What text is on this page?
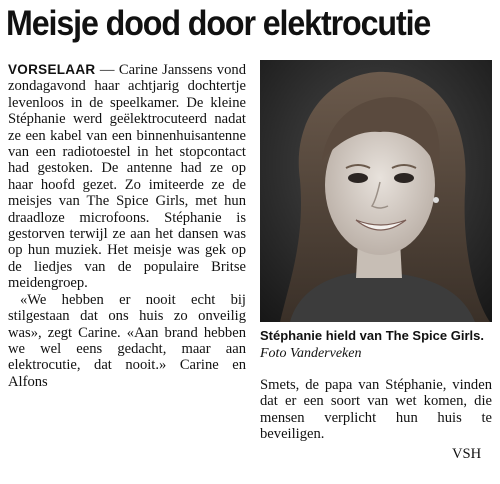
Meisje dood door elektrocutie

VORSELAAR — Carine Janssens vond zondagavond haar achtjarig dochtertje levenloos in de speelkamer. De kleine Stéphanie werd geëlektrocuteerd nadat ze een kabel van een binnenhuisantenne van een radiotoestel in het stopcontact had gestoken. De antenne had ze op haar hoofd gezet. Zo imiteerde ze de meisjes van The Spice Girls, met hun draadloze microfoons. Stéphanie is gestorven terwijl ze aan het dansen was op hun muziek. Het meisje was gek op de liedjes van de populaire Britse meidengroep.

«We hebben er nooit echt bij stilgestaan dat ons huis zo onveilig was», zegt Carine. «Aan brand hebben we wel eens gedacht, maar aan elektrocutie, dat nooit.» Carine en Alfons

Stéphanie hield van The Spice Girls. Foto Vanderveken

Smets, de papa van Stéphanie, vinden dat er een soort van wet komen, die mensen verplicht hun huis te beveiligen.

VSH
